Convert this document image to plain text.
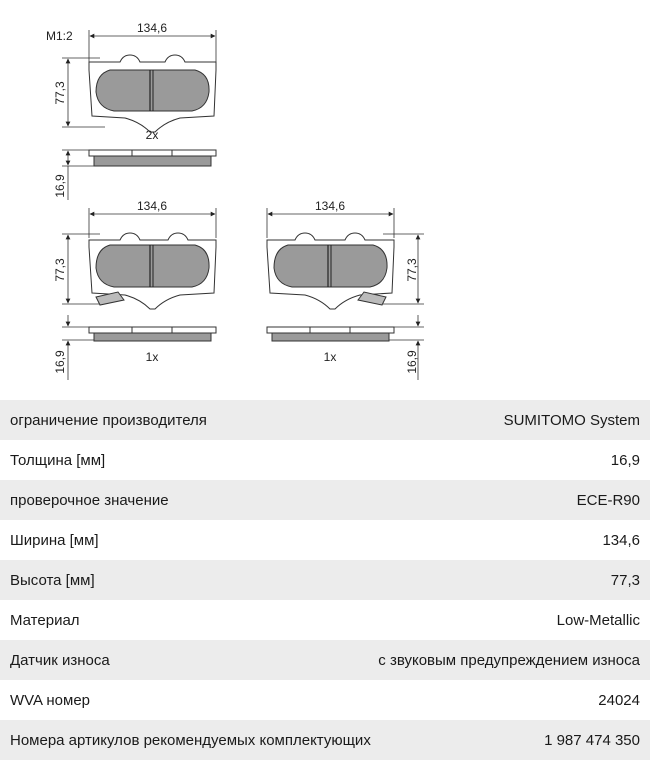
M1:2
134,6
77,3
2x
16,9
134,6
77,3
16,9	1x
134,6
77,3
16,9
1x
ограничение производителя	SUMITOMO System
Толщина [мм]	16,9
проверочное значение	ECE-R90
Ширина [мм]	134,6
Высота [мм]	77,3
Материал	Low-Metallic
Датчик износа	с звуковым предупреждением износа
WVA номер	24024
Номера артикулов рекомендуемых комплектующих	1 987 474 350
